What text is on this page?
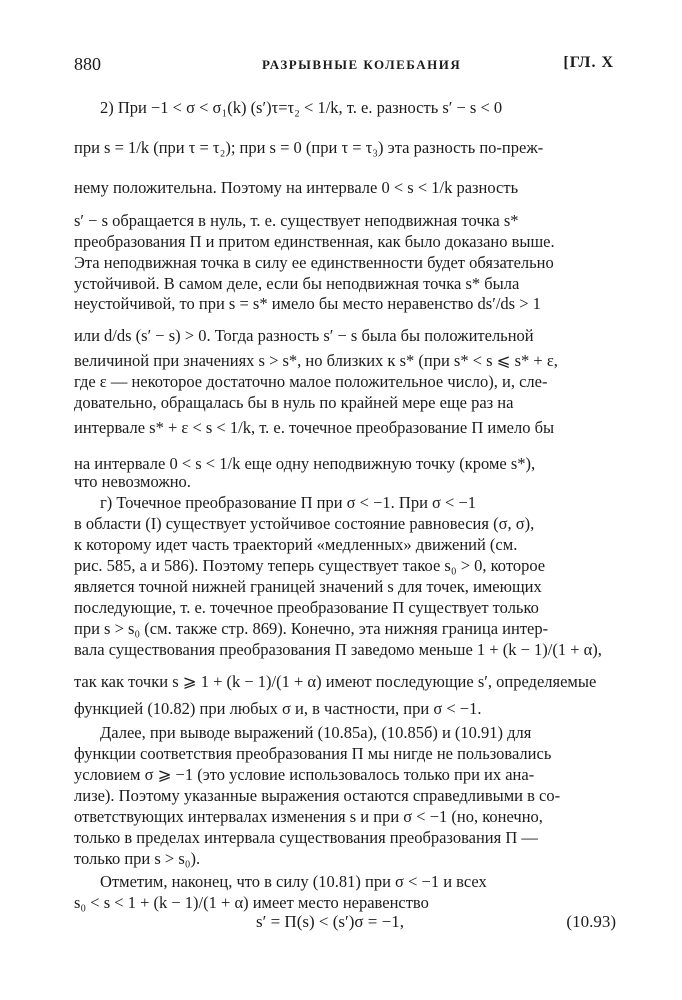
880	РАЗРЫВНЫЕ КОЛЕБАНИЯ	[ГЛ. X
2) При −1 < σ < σ₁(k) (s′)τ=τ₂ < 1/k, т. е. разность s′ − s < 0
при s = 1/k (при τ = τ₂); при s = 0 (при τ = τ₃) эта разность по-преж-
нему положительна. Поэтому на интервале 0 < s < 1/k разность
s′ − s обращается в нуль, т. е. существует неподвижная точка s*
преобразования П и притом единственная, как было доказано выше.
Эта неподвижная точка в силу ее единственности будет обязательно
устойчивой. В самом деле, если бы неподвижная точка s* была
неустойчивой, то при s = s* имело бы место неравенство ds′/ds > 1
или d/ds (s′ − s) > 0. Тогда разность s′ − s была бы положительной
величиной при значениях s > s*, но близких к s* (при s* < s ⩽ s* + ε,
где ε — некоторое достаточно малое положительное число), и, сле-
довательно, обращалась бы в нуль по крайней мере еще раз на
интервале s* + ε < s < 1/k, т. е. точечное преобразование П имело бы
на интервале 0 < s < 1/k еще одну неподвижную точку (кроме s*),
что невозможно.
г) Точечное преобразование П при σ < −1. При σ < −1
в области (I) существует устойчивое состояние равновесия (σ, σ),
к которому идет часть траекторий «медленных» движений (см.
рис. 585, а и 586). Поэтому теперь существует такое s₀ > 0, которое
является точной нижней границей значений s для точек, имеющих
последующие, т. е. точечное преобразование П существует только
при s > s₀ (см. также стр. 869). Конечно, эта нижняя граница интер-
вала существования преобразования П заведомо меньше 1 + (k − 1)/(1 + α),
так как точки s ⩾ 1 + (k − 1)/(1 + α) имеют последующие s′, определяемые
функцией (10.82) при любых σ и, в частности, при σ < −1.
Далее, при выводе выражений (10.85а), (10.85б) и (10.91) для
функции соответствия преобразования П мы нигде не пользовались
условием σ ⩾ −1 (это условие использовалось только при их ана-
лизе). Поэтому указанные выражения остаются справедливыми в со-
ответствующих интервалах изменения s и при σ < −1 (но, конечно,
только в пределах интервала существования преобразования П —
только при s > s₀).
Отметим, наконец, что в силу (10.81) при σ < −1 и всех
s₀ < s < 1 + (k − 1)/(1 + α) имеет место неравенство
s′ = П(s) < (s′)σ = −1,	(10.93)
